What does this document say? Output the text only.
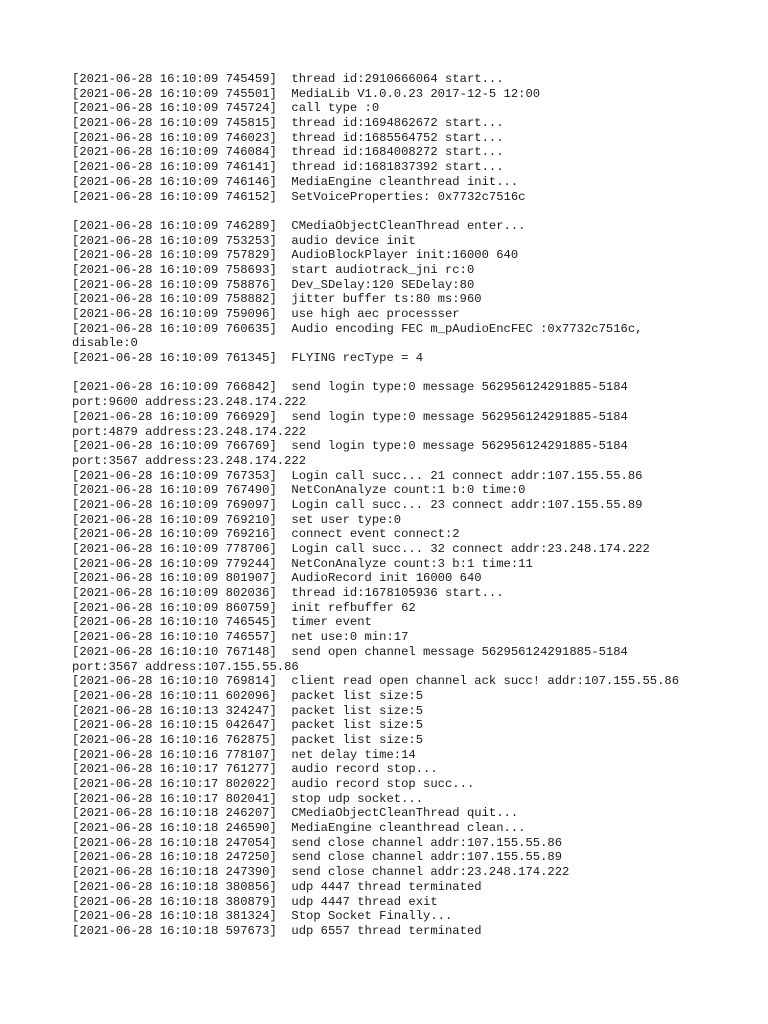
[2021-06-28 16:10:09 745459]  thread id:2910666064 start...
[2021-06-28 16:10:09 745501]  MediaLib V1.0.0.23 2017-12-5 12:00
[2021-06-28 16:10:09 745724]  call type :0
[2021-06-28 16:10:09 745815]  thread id:1694862672 start...
[2021-06-28 16:10:09 746023]  thread id:1685564752 start...
[2021-06-28 16:10:09 746084]  thread id:1684008272 start...
[2021-06-28 16:10:09 746141]  thread id:1681837392 start...
[2021-06-28 16:10:09 746146]  MediaEngine cleanthread init...
[2021-06-28 16:10:09 746152]  SetVoiceProperties: 0x7732c7516c
[2021-06-28 16:10:09 746289]  CMediaObjectCleanThread enter...
[2021-06-28 16:10:09 753253]  audio device init
[2021-06-28 16:10:09 757829]  AudioBlockPlayer init:16000 640
[2021-06-28 16:10:09 758693]  start audiotrack_jni rc:0
[2021-06-28 16:10:09 758876]  Dev_SDelay:120 SEDelay:80
[2021-06-28 16:10:09 758882]  jitter buffer ts:80 ms:960
[2021-06-28 16:10:09 759096]  use high aec processser
[2021-06-28 16:10:09 760635]  Audio encoding FEC m_pAudioEncFEC :0x7732c7516c,
disable:0
[2021-06-28 16:10:09 761345]  FLYING recType = 4
[2021-06-28 16:10:09 766842]  send login type:0 message 562956124291885-5184
port:9600 address:23.248.174.222
[2021-06-28 16:10:09 766929]  send login type:0 message 562956124291885-5184
port:4879 address:23.248.174.222
[2021-06-28 16:10:09 766769]  send login type:0 message 562956124291885-5184
port:3567 address:23.248.174.222
[2021-06-28 16:10:09 767353]  Login call succ... 21 connect addr:107.155.55.86
[2021-06-28 16:10:09 767490]  NetConAnalyze count:1 b:0 time:0
[2021-06-28 16:10:09 769097]  Login call succ... 23 connect addr:107.155.55.89
[2021-06-28 16:10:09 769210]  set user type:0
[2021-06-28 16:10:09 769216]  connect event connect:2
[2021-06-28 16:10:09 778706]  Login call succ... 32 connect addr:23.248.174.222
[2021-06-28 16:10:09 779244]  NetConAnalyze count:3 b:1 time:11
[2021-06-28 16:10:09 801907]  AudioRecord init 16000 640
[2021-06-28 16:10:09 802036]  thread id:1678105936 start...
[2021-06-28 16:10:09 860759]  init refbuffer 62
[2021-06-28 16:10:10 746545]  timer event
[2021-06-28 16:10:10 746557]  net use:0 min:17
[2021-06-28 16:10:10 767148]  send open channel message 562956124291885-5184
port:3567 address:107.155.55.86
[2021-06-28 16:10:10 769814]  client read open channel ack succ! addr:107.155.55.86
[2021-06-28 16:10:11 602096]  packet list size:5
[2021-06-28 16:10:13 324247]  packet list size:5
[2021-06-28 16:10:15 042647]  packet list size:5
[2021-06-28 16:10:16 762875]  packet list size:5
[2021-06-28 16:10:16 778107]  net delay time:14
[2021-06-28 16:10:17 761277]  audio record stop...
[2021-06-28 16:10:17 802022]  audio record stop succ...
[2021-06-28 16:10:17 802041]  stop udp socket...
[2021-06-28 16:10:18 246207]  CMediaObjectCleanThread quit...
[2021-06-28 16:10:18 246590]  MediaEngine cleanthread clean...
[2021-06-28 16:10:18 247054]  send close channel addr:107.155.55.86
[2021-06-28 16:10:18 247250]  send close channel addr:107.155.55.89
[2021-06-28 16:10:18 247390]  send close channel addr:23.248.174.222
[2021-06-28 16:10:18 380856]  udp 4447 thread terminated
[2021-06-28 16:10:18 380879]  udp 4447 thread exit
[2021-06-28 16:10:18 381324]  Stop Socket Finally...
[2021-06-28 16:10:18 597673]  udp 6557 thread terminated
